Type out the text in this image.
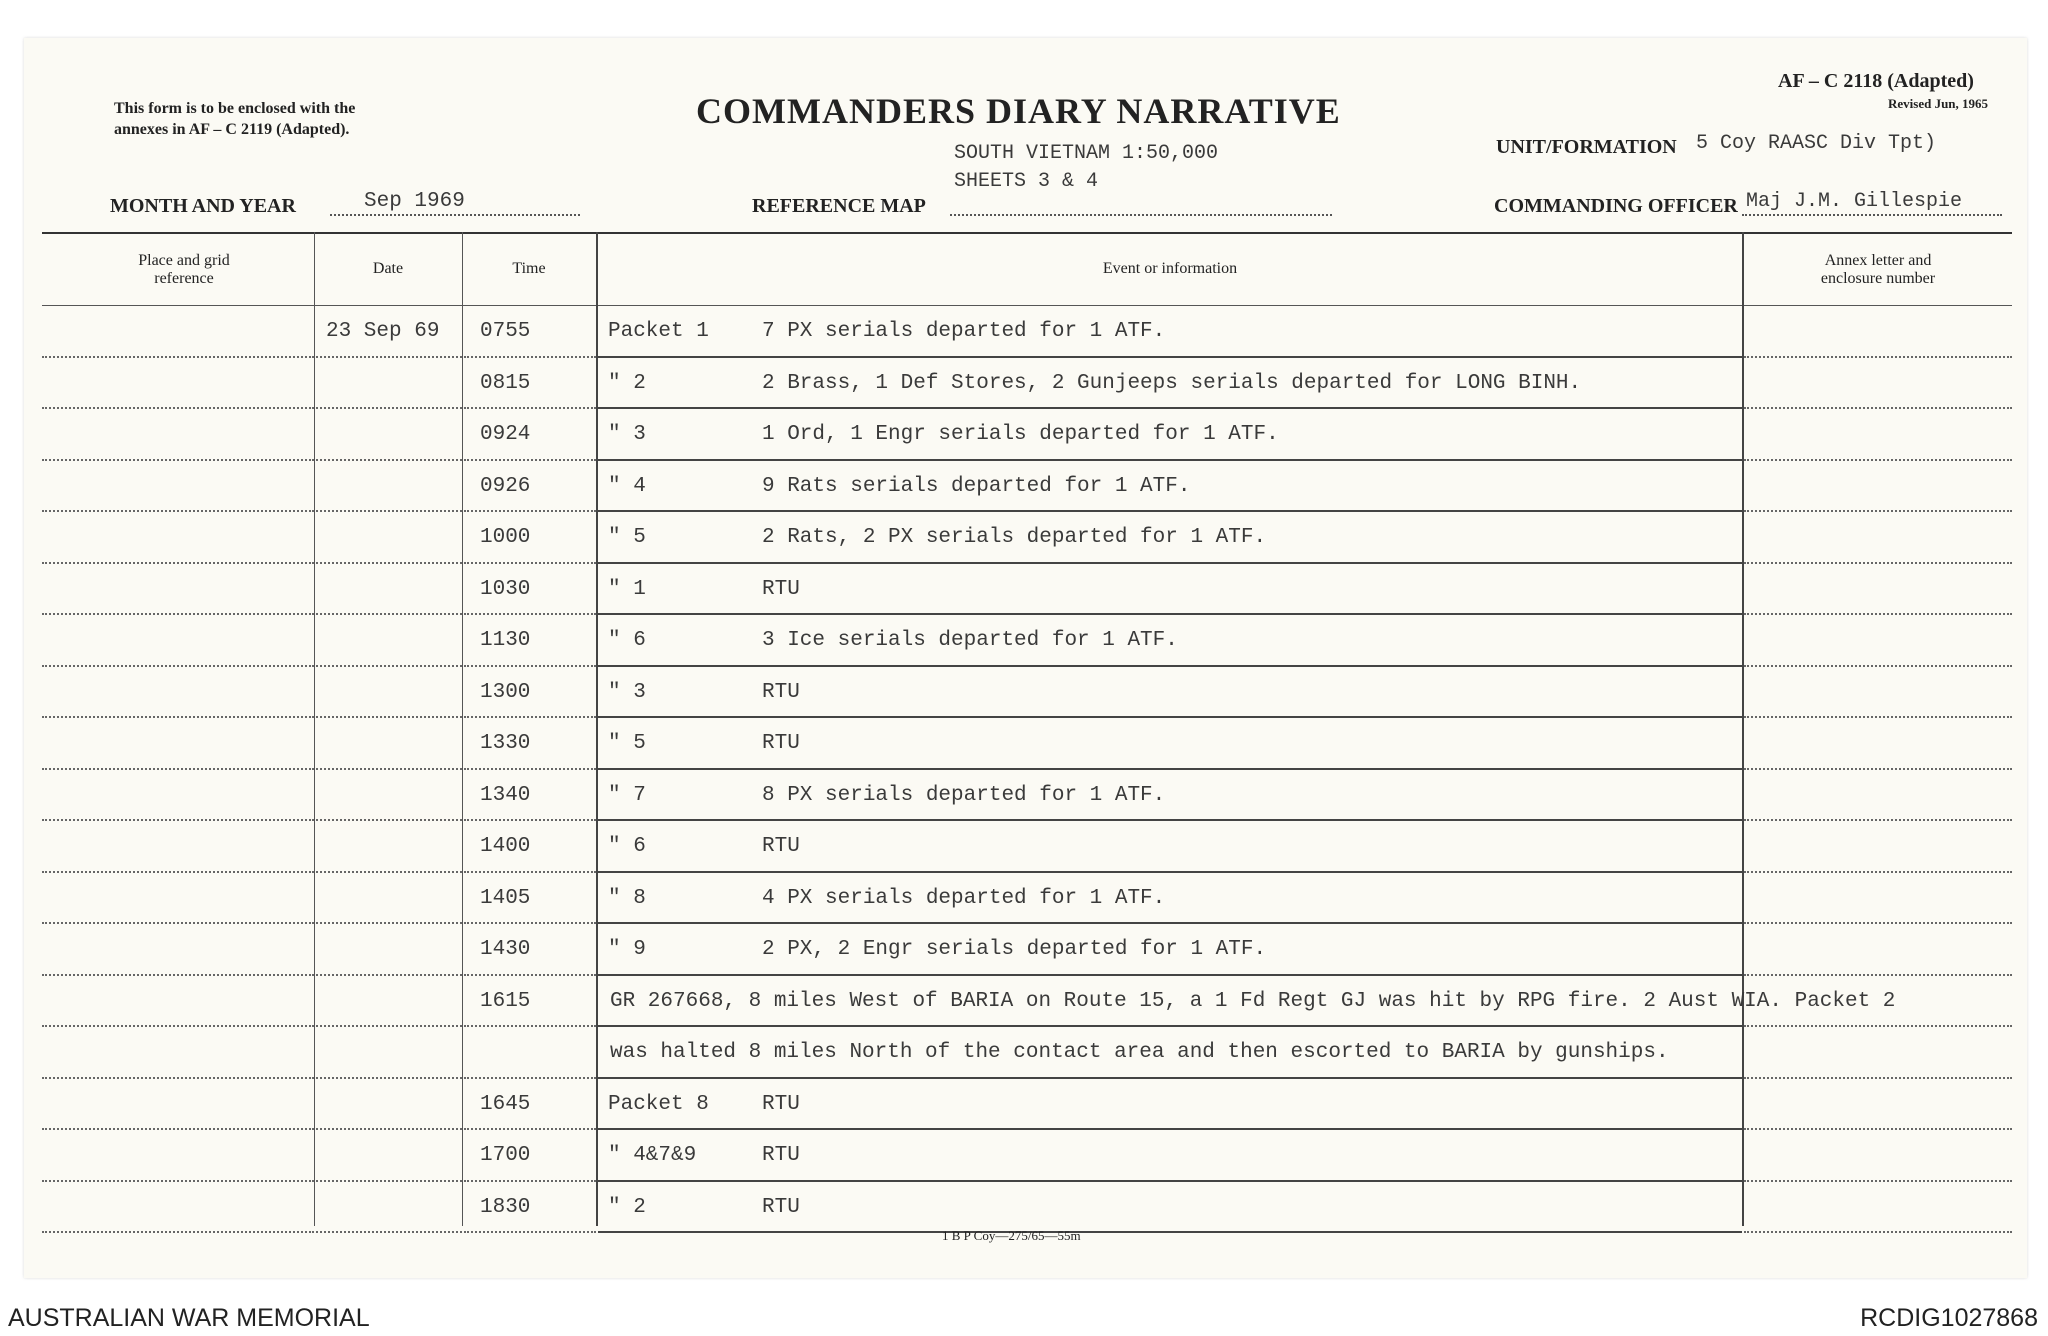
This form is to be enclosed with the
annexes in AF – C 2119 (Adapted).	COMMANDERS DIARY NARRATIVE
AF – C 2118 (Adapted)
Revised Jun, 1965
SOUTH VIETNAM 1:50,000
SHEETS 3 & 4
UNIT/FORMATION 5 Coy RAASC Div Tpt)
MONTH AND YEAR	Sep 1969	REFERENCE MAP	COMMANDING OFFICER Maj J.M. Gillespie
Place and grid
reference
Date	Time	Event or information	Annex letter and
enclosure number
23 Sep 69 0755	Packet 1	7 PX serials departed for 1 ATF.
0815	" 2	2 Brass, 1 Def Stores, 2 Gunjeeps serials departed for LONG BINH.
0924	" 3	1 Ord, 1 Engr serials departed for 1 ATF.
0926	" 4	9 Rats serials departed for 1 ATF.
1000	" 5	2 Rats, 2 PX serials departed for 1 ATF.
1030	" 1	RTU
1130	" 6	3 Ice serials departed for 1 ATF.
1300	" 3	RTU
1330	" 5	RTU
1340	" 7	8 PX serials departed for 1 ATF.
1400	" 6	RTU
1405	" 8	4 PX serials departed for 1 ATF.
1430	" 9	2 PX, 2 Engr serials departed for 1 ATF.
1615	GR 267668, 8 miles West of BARIA on Route 15, a 1 Fd Regt GJ was hit by RPG fire. 2 Aust WIA. Packet 2
was halted 8 miles North of the contact area and then escorted to BARIA by gunships.
1645	Packet 8	RTU
1700	" 4&7&9	RTU
1830	" 2	RTU
1 B P Coy—275/65—55m
AUSTRALIAN WAR MEMORIAL	RCDIG1027868
